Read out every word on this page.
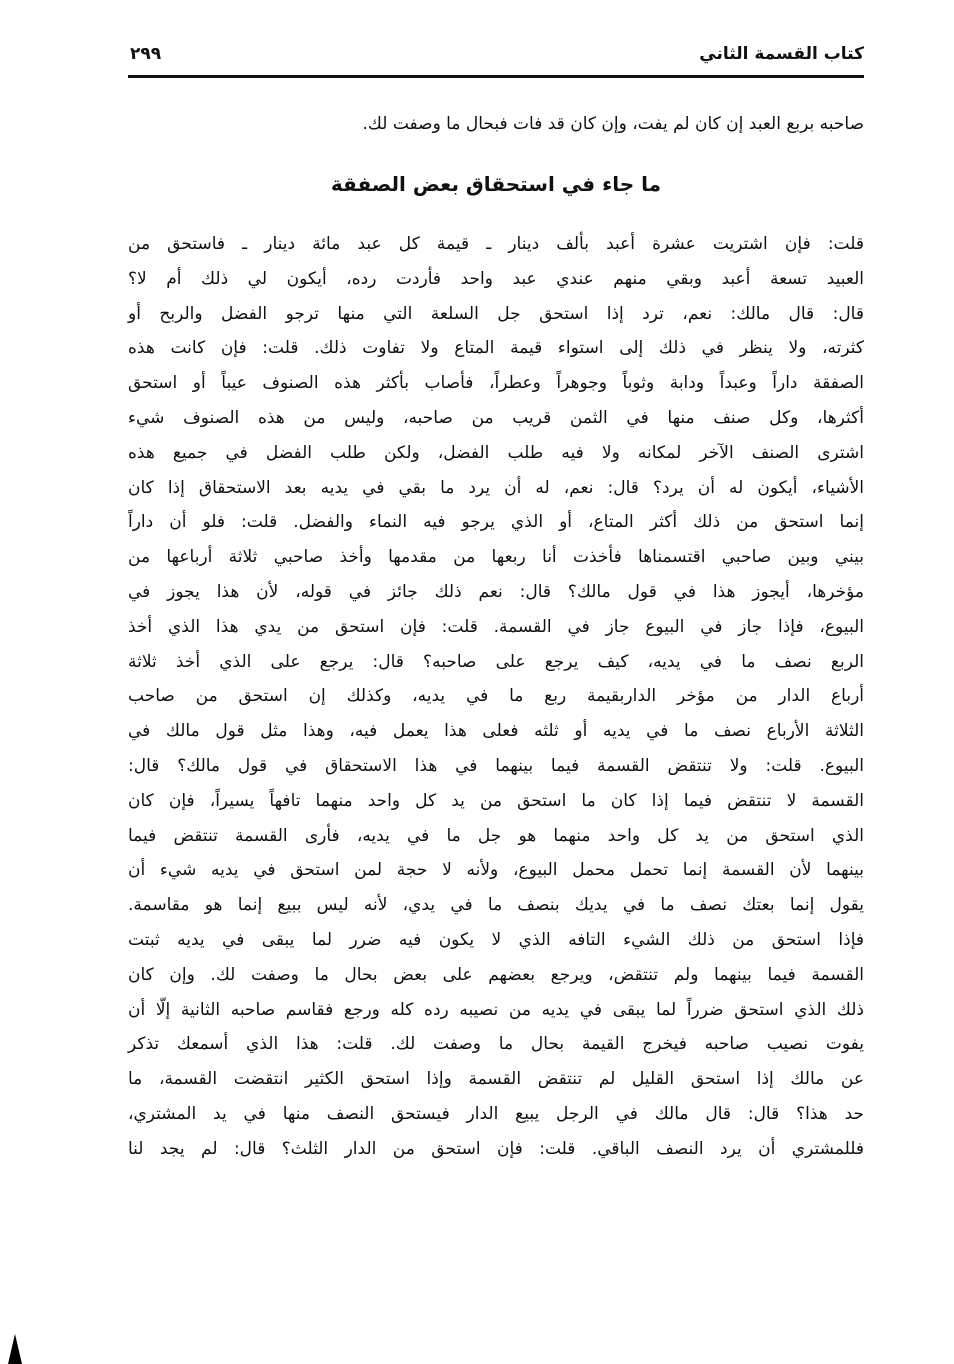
كتاب القسمة الثاني
٢٩٩
صاحبه بربع العبد إن كان لم يفت، وإن كان قد فات فبحال ما وصفت لك.
ما جاء في استحقاق بعض الصفقة
قلت: فإن اشتريت عشرة أعبد بألف دينار ـ قيمة كل عبد مائة دينار ـ فاستحق من
العبيد تسعة أعبد وبقي منهم عندي عبد واحد فأردت رده، أيكون لي ذلك أم لا؟
قال: قال مالك: نعم، ترد إذا استحق جل السلعة التي منها ترجو الفضل والربح أو
كثرته، ولا ينظر في ذلك إلى استواء قيمة المتاع ولا تفاوت ذلك. قلت: فإن كانت هذه
الصفقة داراً وعبداً ودابة وثوباً وجوهراً وعطراً، فأصاب بأكثر هذه الصنوف عيباً أو استحق
أكثرها، وكل صنف منها في الثمن قريب من صاحبه، وليس من هذه الصنوف شيء
اشترى الصنف الآخر لمكانه ولا فيه طلب الفضل، ولكن طلب الفضل في جميع هذه
الأشياء، أيكون له أن يرد؟ قال: نعم، له أن يرد ما بقي في يديه بعد الاستحقاق إذا كان
إنما استحق من ذلك أكثر المتاع، أو الذي يرجو فيه النماء والفضل. قلت: فلو أن داراً
بيني وبين صاحبي اقتسمناها فأخذت أنا ربعها من مقدمها وأخذ صاحبي ثلاثة أرباعها من
مؤخرها، أيجوز هذا في قول مالك؟ قال: نعم ذلك جائز في قوله، لأن هذا يجوز في
البيوع، فإذا جاز في البيوع جاز في القسمة. قلت: فإن استحق من يدي هذا الذي أخذ
الربع نصف ما في يديه، كيف يرجع على صاحبه؟ قال: يرجع على الذي أخذ ثلاثة
أرباع الدار من مؤخر الداربقيمة ربع ما في يديه، وكذلك إن استحق من صاحب
الثلاثة الأرباع نصف ما في يديه أو ثلثه فعلى هذا يعمل فيه، وهذا مثل قول مالك في
البيوع. قلت: ولا تنتقض القسمة فيما بينهما في هذا الاستحقاق في قول مالك؟ قال:
القسمة لا تنتقض فيما إذا كان ما استحق من يد كل واحد منهما تافهاً يسيراً، فإن كان
الذي استحق من يد كل واحد منهما هو جل ما في يديه، فأرى القسمة تنتقض فيما
بينهما لأن القسمة إنما تحمل محمل البيوع، ولأنه لا حجة لمن استحق في يديه شيء أن
يقول إنما بعتك نصف ما في يديك بنصف ما في يدي، لأنه ليس ببيع إنما هو مقاسمة.
فإذا استحق من ذلك الشيء التافه الذي لا يكون فيه ضرر لما يبقى في يديه ثبتت
القسمة فيما بينهما ولم تنتقض، ويرجع بعضهم على بعض بحال ما وصفت لك. وإن كان
ذلك الذي استحق ضرراً لما يبقى في يديه من نصيبه رده كله ورجع فقاسم صاحبه الثانية إلّا أن
يفوت نصيب صاحبه فيخرج القيمة بحال ما وصفت لك. قلت: هذا الذي أسمعك تذكر
عن مالك إذا استحق القليل لم تنتقض القسمة وإذا استحق الكثير انتقضت القسمة، ما
حد هذا؟ قال: قال مالك في الرجل يبيع الدار فيستحق النصف منها في يد المشتري،
فللمشتري أن يرد النصف الباقي. قلت: فإن استحق من الدار الثلث؟ قال: لم يجد لنا
